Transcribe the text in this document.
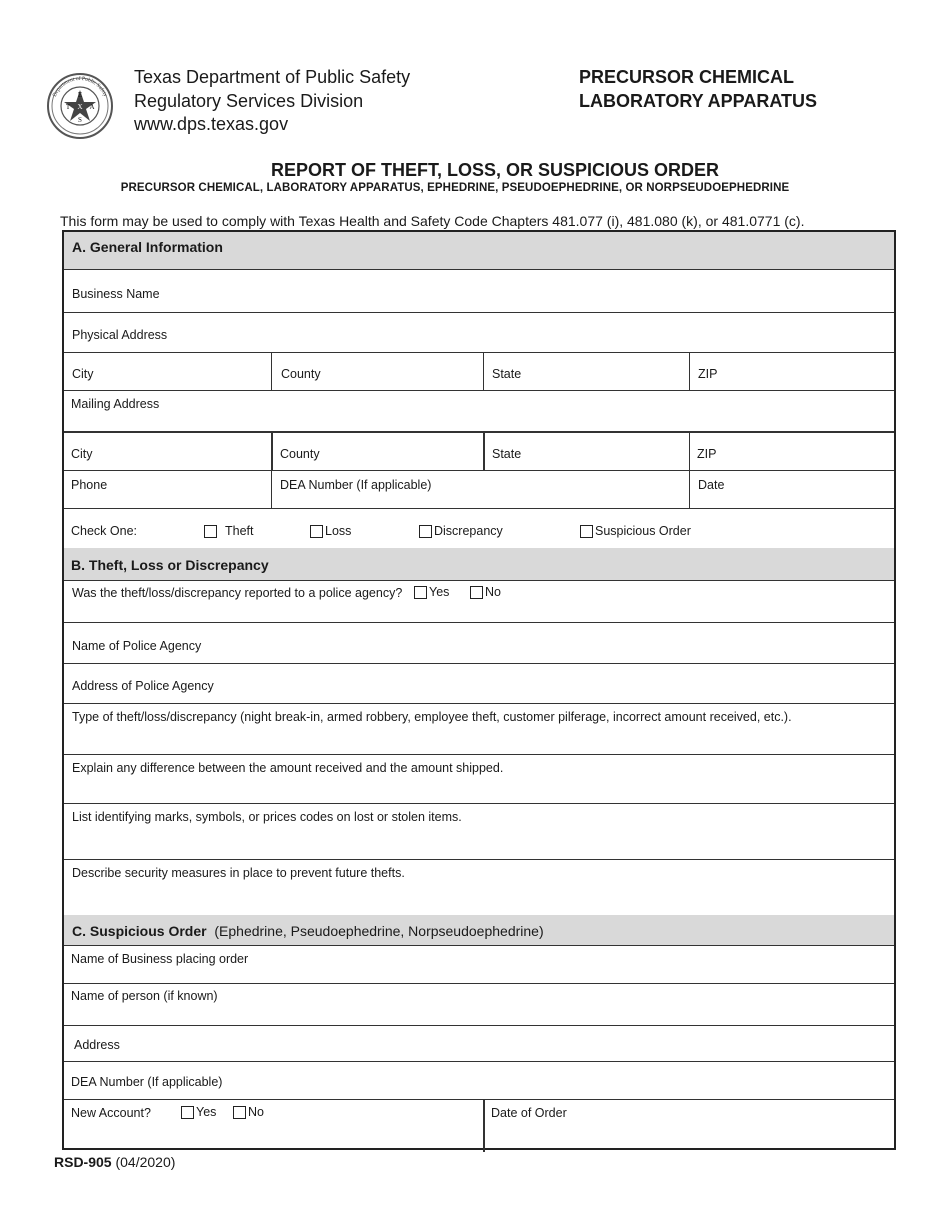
E
T X A
S
Department of Public Safety
Texas Department of Public Safety
Regulatory Services Division
www.dps.texas.gov
PRECURSOR CHEMICAL
LABORATORY APPARATUS
REPORT OF THEFT, LOSS, OR SUSPICIOUS ORDER
PRECURSOR CHEMICAL, LABORATORY APPARATUS, EPHEDRINE, PSEUDOEPHEDRINE, OR NORPSEUDOEPHEDRINE
This form may be used to comply with Texas Health and Safety Code Chapters 481.077 (i), 481.080 (k), or 481.0771 (c).
A. General Information
Business Name
Physical Address
City	County	State	ZIP
Mailing Address
City	County	State	ZIP
Phone	DEA Number (If applicable)	Date
Check One:	Theft	Loss	Discrepancy	Suspicious Order
B. Theft, Loss or Discrepancy
Was the theft/loss/discrepancy reported to a police agency? Yes	No
Name of Police Agency
Address of Police Agency
Type of theft/loss/discrepancy (night break-in, armed robbery, employee theft, customer pilferage, incorrect amount received, etc.).
Explain any difference between the amount received and the amount shipped.
List identifying marks, symbols, or prices codes on lost or stolen items.
Describe security measures in place to prevent future thefts.
C. Suspicious Order (Ephedrine, Pseudoephedrine, Norpseudoephedrine)
Name of Business placing order
Name of person (if known)
Address
DEA Number (If applicable)
New Account?	Yes	No	Date of Order
RSD-905 (04/2020)
